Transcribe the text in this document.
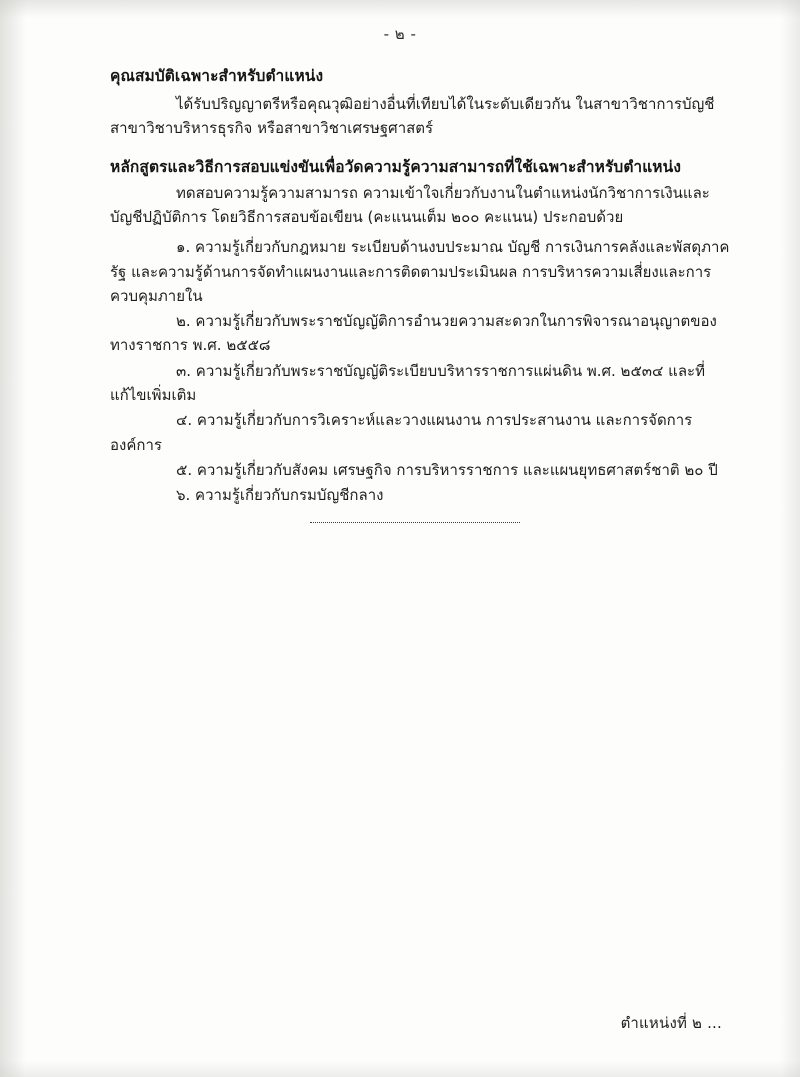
- ๒ -

คุณสมบัติเฉพาะสำหรับตำแหน่ง

ได้รับปริญญาตรีหรือคุณวุฒิอย่างอื่นที่เทียบได้ในระดับเดียวกัน ในสาขาวิชาการบัญชี สาขาวิชาบริหารธุรกิจ หรือสาขาวิชาเศรษฐศาสตร์

หลักสูตรและวิธีการสอบแข่งขันเพื่อวัดความรู้ความสามารถที่ใช้เฉพาะสำหรับตำแหน่ง

ทดสอบความรู้ความสามารถ ความเข้าใจเกี่ยวกับงานในตำแหน่งนักวิชาการเงินและบัญชีปฏิบัติการ โดยวิธีการสอบข้อเขียน (คะแนนเต็ม ๒๐๐ คะแนน) ประกอบด้วย

๑. ความรู้เกี่ยวกับกฎหมาย ระเบียบด้านงบประมาณ บัญชี การเงินการคลังและพัสดุภาครัฐ และความรู้ด้านการจัดทำแผนงานและการติดตามประเมินผล การบริหารความเสี่ยงและการควบคุมภายใน
๒. ความรู้เกี่ยวกับพระราชบัญญัติการอำนวยความสะดวกในการพิจารณาอนุญาตของทางราชการ พ.ศ. ๒๕๕๘
๓. ความรู้เกี่ยวกับพระราชบัญญัติระเบียบบริหารราชการแผ่นดิน พ.ศ. ๒๕๓๔ และที่แก้ไขเพิ่มเติม
๔. ความรู้เกี่ยวกับการวิเคราะห์และวางแผนงาน การประสานงาน และการจัดการองค์การ
๕. ความรู้เกี่ยวกับสังคม เศรษฐกิจ การบริหารราชการ และแผนยุทธศาสตร์ชาติ ๒๐ ปี
๖. ความรู้เกี่ยวกับกรมบัญชีกลาง
ตำแหน่งที่ ๒ ...
